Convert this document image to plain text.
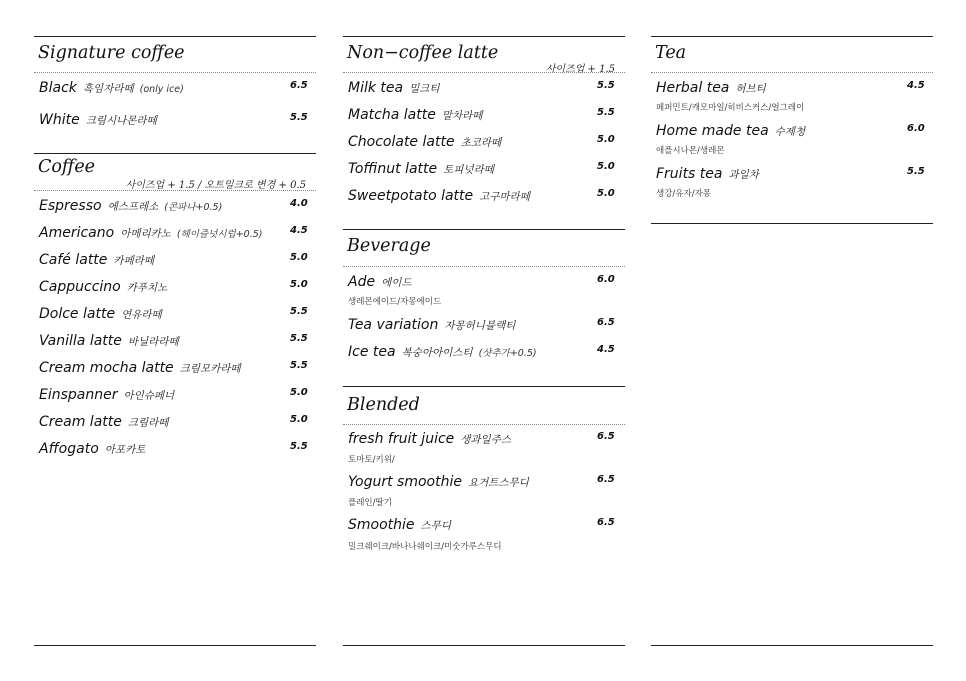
Signature coffee
Black 흑임자라떼 (only ice)	6.5
White 크림시나몬라떼	5.5
Coffee
사이즈업 + 1.5 / 오트밀크로 변경 + 0.5
Espresso 에스프레소 (콘파나+0.5)	4.0
Americano 아메리카노 (헤이즐넛시럽+0.5)	4.5
Café latte 카페라떼	5.0
Cappuccino 카푸치노	5.0
Dolce latte 연유라떼	5.5
Vanilla latte 바닐라라떼	5.5
Cream mocha latte 크림모카라떼	5.5
Einspanner 아인슈페너	5.0
Cream latte 크림라떼	5.0
Affogato 아포카토	5.5
Non−coffee latte
사이즈업 + 1.5
Milk tea 밀크티	5.5
Matcha latte 말차라떼	5.5
Chocolate latte 초코라떼	5.0
Toffinut latte 토피넛라떼	5.0
Sweetpotato latte 고구마라떼	5.0
Beverage
Ade 에이드	6.0
생레몬에이드/자몽에이드
Tea variation 자몽허니블랙티	6.5
Ice tea 복숭아아이스티 (샷추가+0.5)	4.5
Blended
fresh fruit juice 생과일주스	6.5
토마토/키위/
Yogurt smoothie 요거트스무디	6.5
플레인/딸기
Smoothie 스무디	6.5
밀크쉐이크/바나나쉐이크/미숫가루스무디
Tea
Herbal tea 허브티	4.5
페퍼민트/캐모마일/히비스커스/얼그레이
Home made tea 수제청	6.0
애플시나몬/생레몬
Fruits tea 과일차	5.5
생강/유자/자몽
